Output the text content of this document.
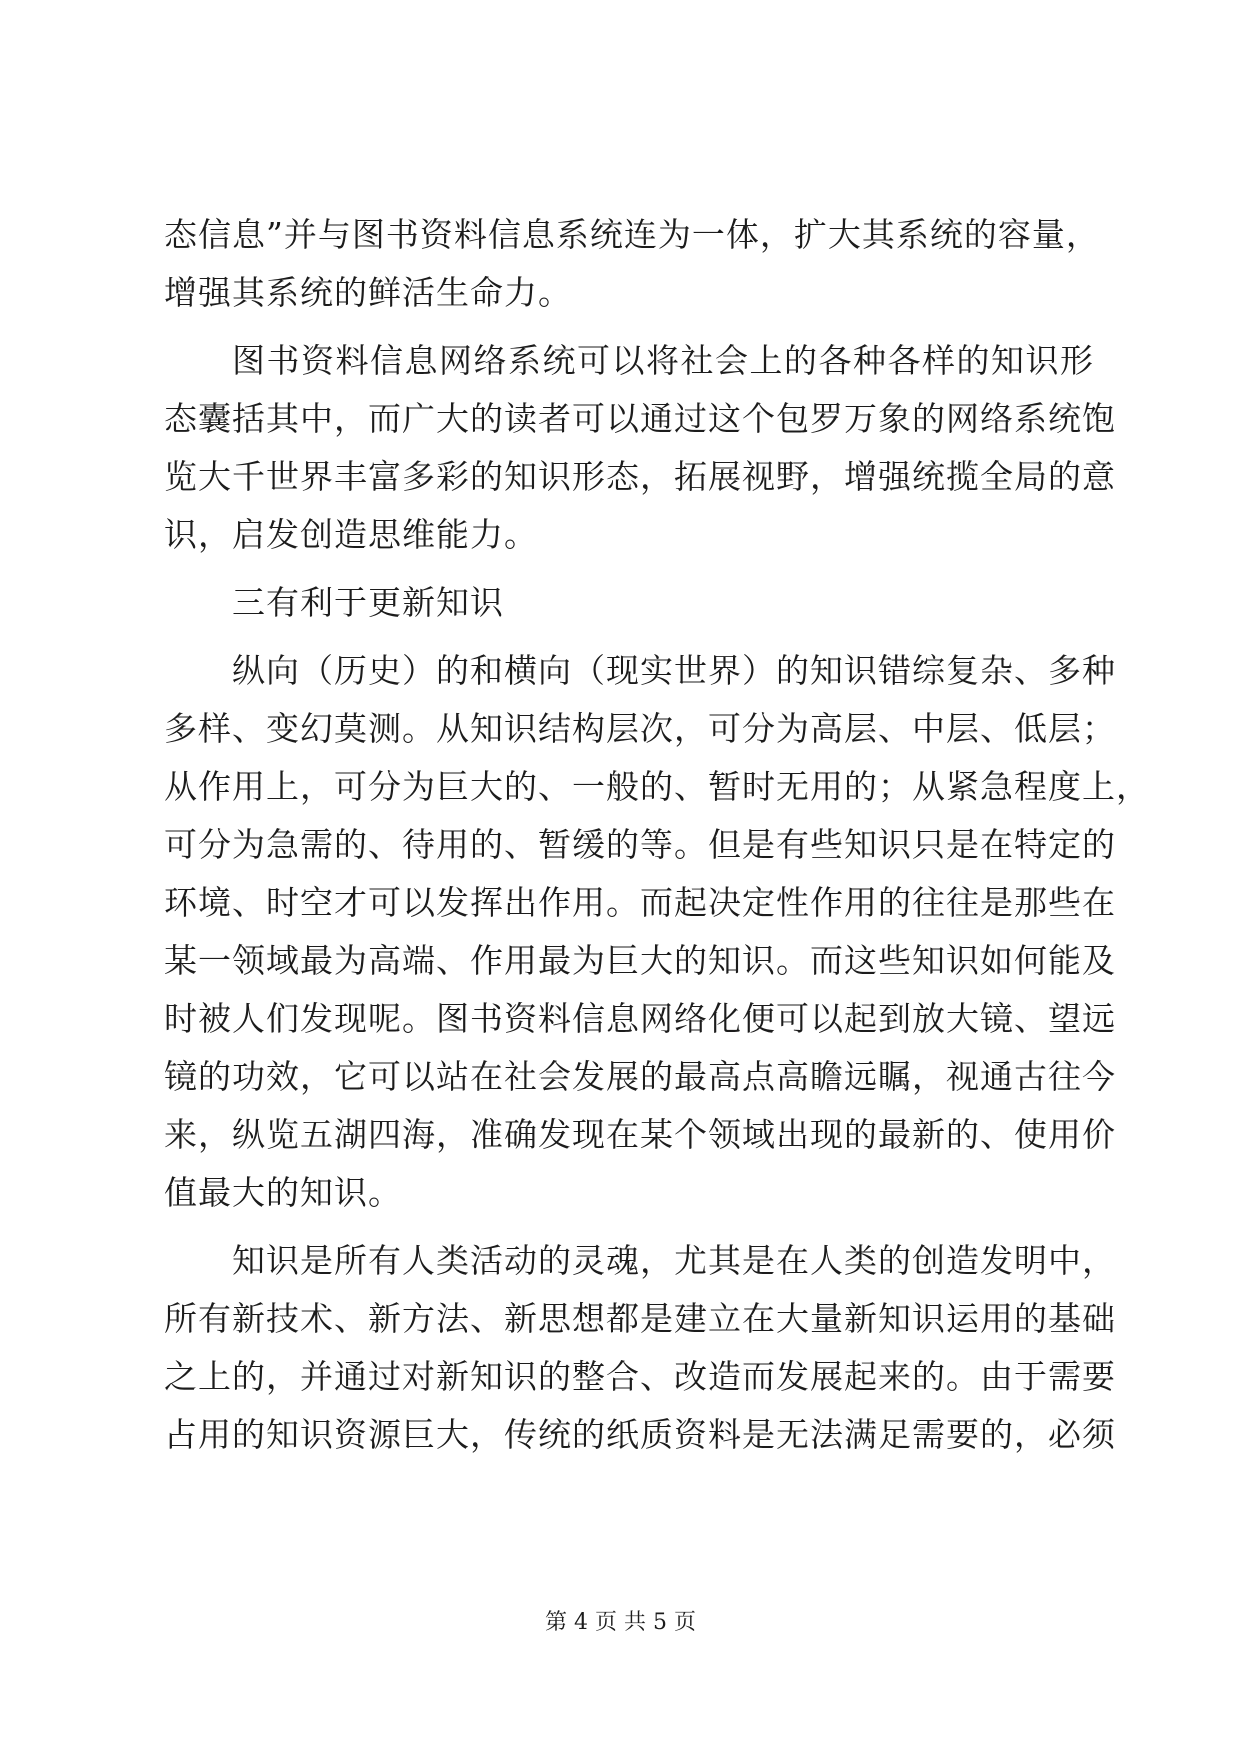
态信息”并与图书资料信息系统连为一体，扩大其系统的容量，
增强其系统的鲜活生命力。
图书资料信息网络系统可以将社会上的各种各样的知识形
态囊括其中，而广大的读者可以通过这个包罗万象的网络系统饱
览大千世界丰富多彩的知识形态，拓展视野，增强统揽全局的意
识，启发创造思维能力。
三有利于更新知识
纵向（历史）的和横向（现实世界）的知识错综复杂、多种
多样、变幻莫测。从知识结构层次，可分为高层、中层、低层；
从作用上，可分为巨大的、一般的、暂时无用的；从紧急程度上，
可分为急需的、待用的、暂缓的等。但是有些知识只是在特定的
环境、时空才可以发挥出作用。而起决定性作用的往往是那些在
某一领域最为高端、作用最为巨大的知识。而这些知识如何能及
时被人们发现呢。图书资料信息网络化便可以起到放大镜、望远
镜的功效，它可以站在社会发展的最高点高瞻远瞩，视通古往今
来，纵览五湖四海，准确发现在某个领域出现的最新的、使用价
值最大的知识。
知识是所有人类活动的灵魂，尤其是在人类的创造发明中，
所有新技术、新方法、新思想都是建立在大量新知识运用的基础
之上的，并通过对新知识的整合、改造而发展起来的。由于需要
占用的知识资源巨大，传统的纸质资料是无法满足需要的，必须
第 4 页 共 5 页
